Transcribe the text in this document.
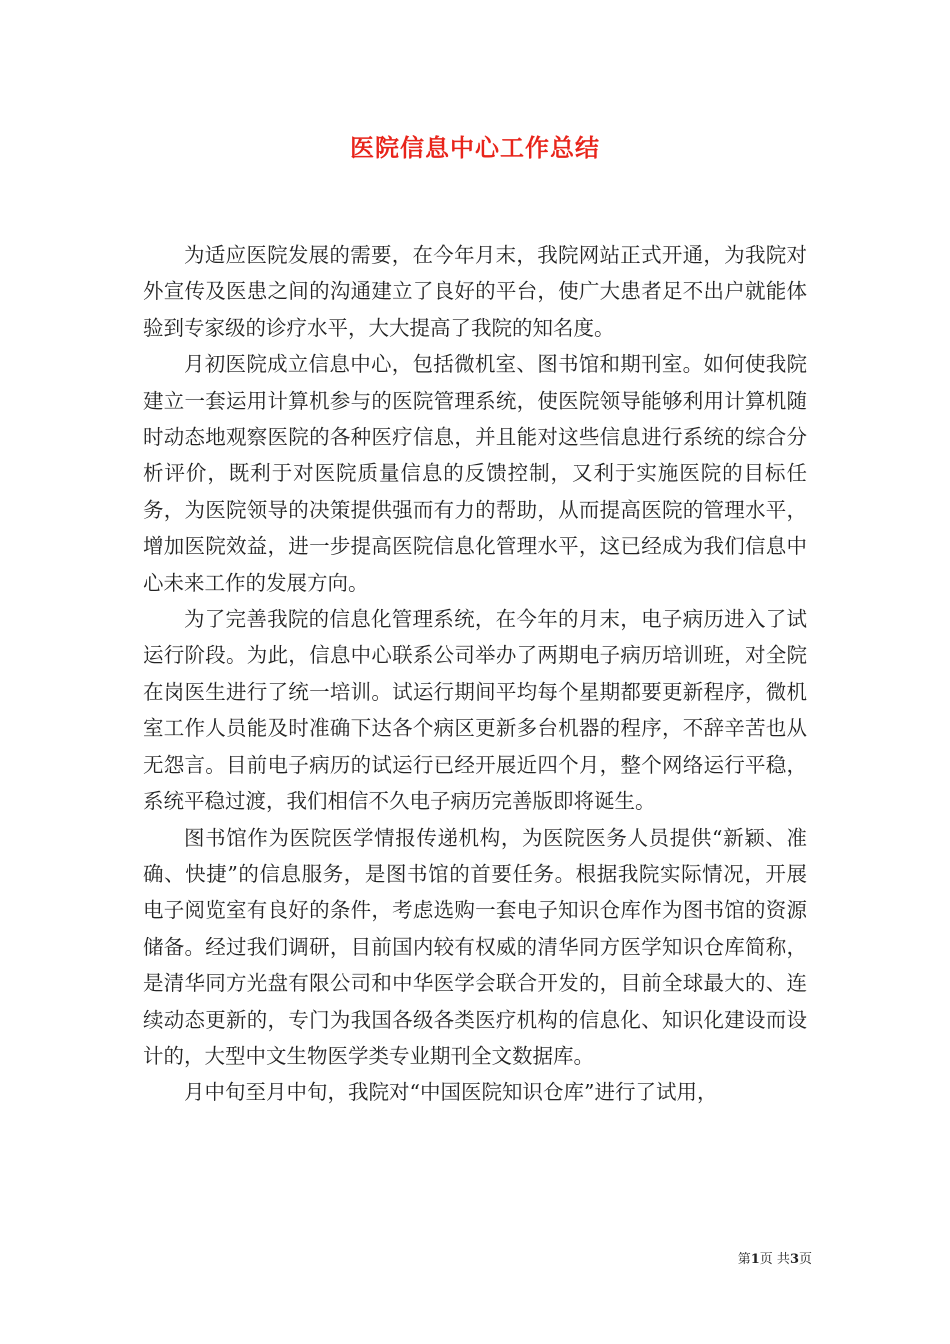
医院信息中心工作总结

为适应医院发展的需要，在今年月末，我院网站正式开通，为我院对外宣传及医患之间的沟通建立了良好的平台，使广大患者足不出户就能体验到专家级的诊疗水平，大大提高了我院的知名度。

月初医院成立信息中心，包括微机室、图书馆和期刊室。如何使我院建立一套运用计算机参与的医院管理系统，使医院领导能够利用计算机随时动态地观察医院的各种医疗信息，并且能对这些信息进行系统的综合分析评价，既利于对医院质量信息的反馈控制，又利于实施医院的目标任务，为医院领导的决策提供强而有力的帮助，从而提高医院的管理水平，增加医院效益，进一步提高医院信息化管理水平，这已经成为我们信息中心未来工作的发展方向。

为了完善我院的信息化管理系统，在今年的月末，电子病历进入了试运行阶段。为此，信息中心联系公司举办了两期电子病历培训班，对全院在岗医生进行了统一培训。试运行期间平均每个星期都要更新程序，微机室工作人员能及时准确下达各个病区更新多台机器的程序，不辞辛苦也从无怨言。目前电子病历的试运行已经开展近四个月，整个网络运行平稳，系统平稳过渡，我们相信不久电子病历完善版即将诞生。

图书馆作为医院医学情报传递机构，为医院医务人员提供“新颖、准确、快捷”的信息服务，是图书馆的首要任务。根据我院实际情况，开展电子阅览室有良好的条件，考虑选购一套电子知识仓库作为图书馆的资源储备。经过我们调研，目前国内较有权威的清华同方医学知识仓库简称，是清华同方光盘有限公司和中华医学会联合开发的，目前全球最大的、连续动态更新的，专门为我国各级各类医疗机构的信息化、知识化建设而设计的，大型中文生物医学类专业期刊全文数据库。

月中旬至月中旬，我院对“中国医院知识仓库”进行了试用，

第1页 共3页
